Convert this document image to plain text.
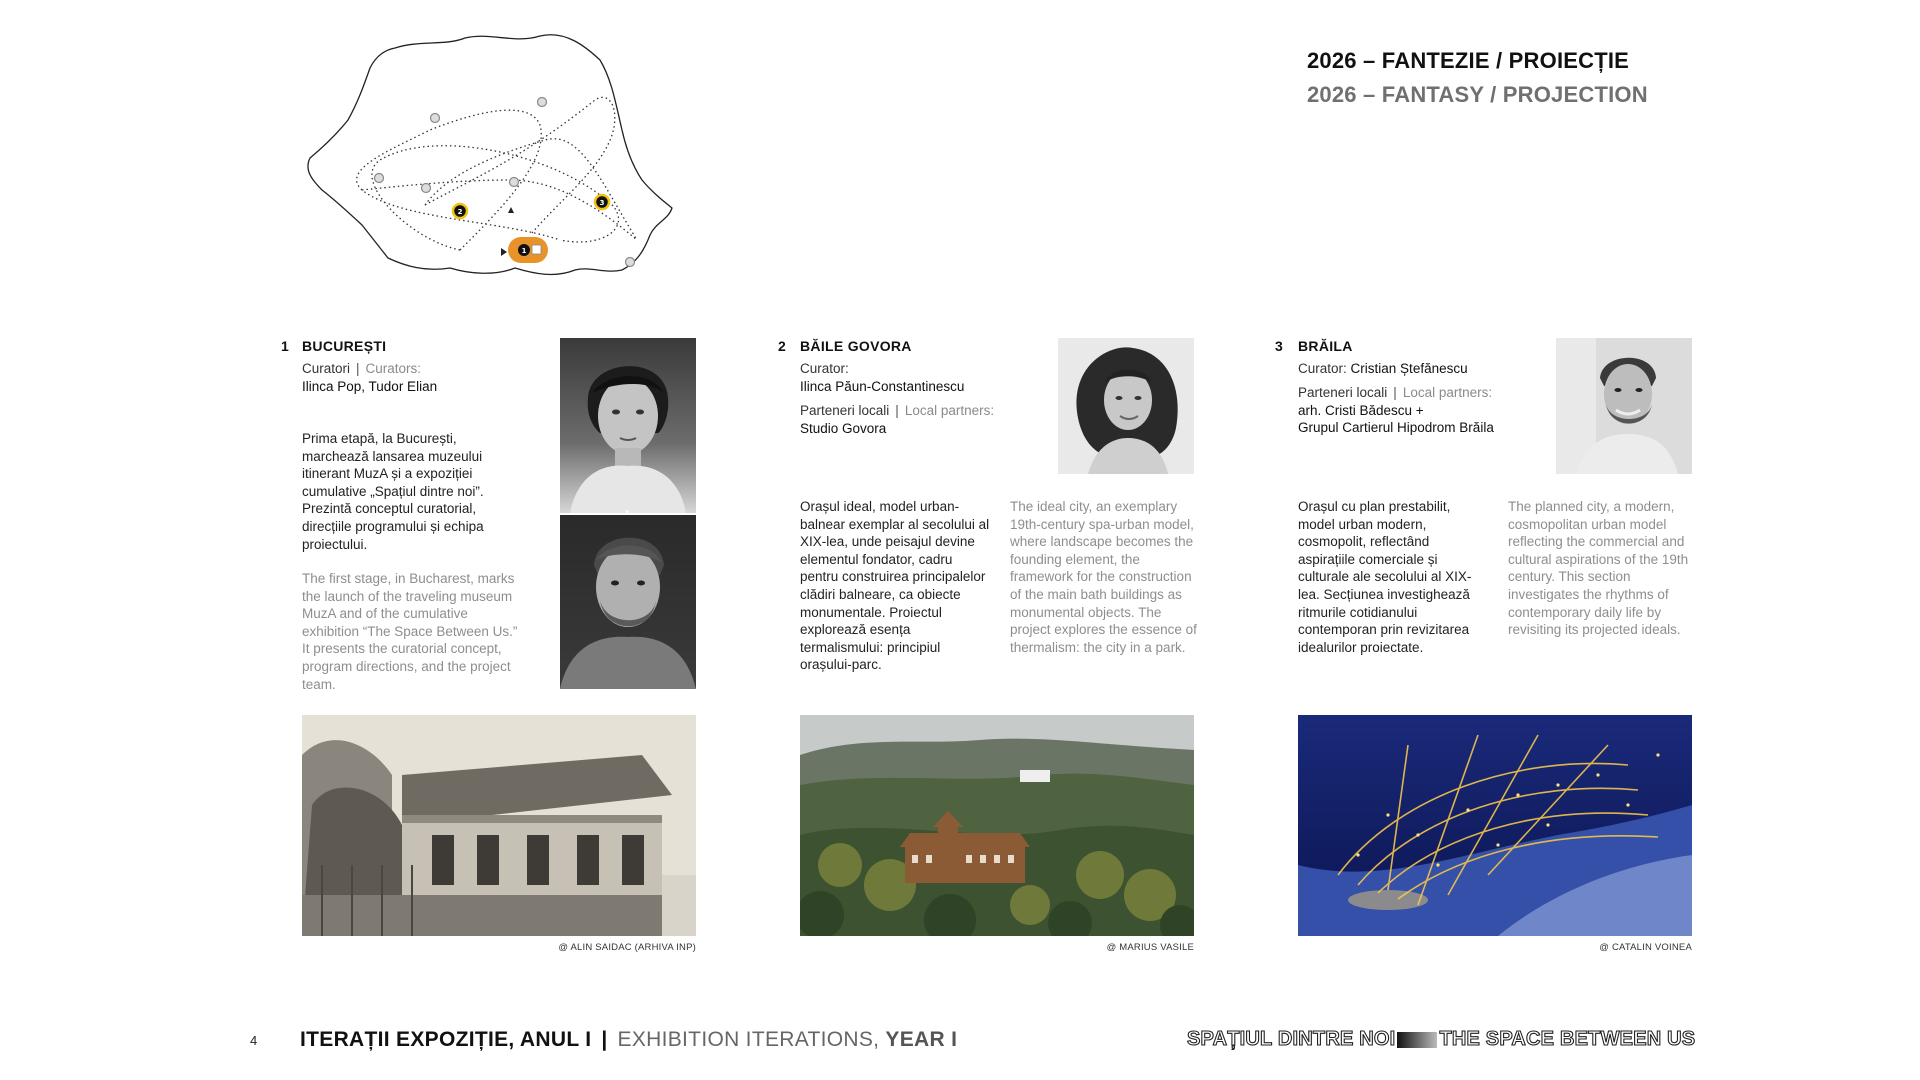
1
2
3
2026 – FANTEZIE / PROIECȚIE
2026 – FANTASY / PROJECTION
1 BUCUREȘTI
Curatori | Curators:
Ilinca Pop, Tudor Elian
Prima etapă, la București, marchează lansarea muzeului itinerant MuzA și a expoziției cumulative „Spațiul dintre noi”. Prezintă conceptul curatorial, direcțiile programului și echipa proiectului.
The first stage, in Bucharest, marks the launch of the traveling museum MuzA and of the cumulative exhibition “The Space Between Us.” It presents the curatorial concept, program directions, and the project team.
@ ALIN SAIDAC (ARHIVA INP)
2 BĂILE GOVORA
Curator:
Ilinca Păun-Constantinescu
Parteneri locali | Local partners:
Studio Govora
Orașul ideal, model urban-balnear exemplar al secolului al XIX-lea, unde peisajul devine elementul fondator, cadru pentru construirea principalelor clădiri balneare, ca obiecte monumentale. Proiectul explorează esența termalismului: principiul orașului-parc.
The ideal city, an exemplary 19th-century spa-urban model, where landscape becomes the founding element, the framework for the construction of the main bath buildings as monumental objects. The project explores the essence of thermalism: the city in a park.
@ MARIUS VASILE
3 BRĂILA
Curator: Cristian Ștefănescu
Parteneri locali | Local partners:
arh. Cristi Bădescu +
Grupul Cartierul Hipodrom Brăila
Orașul cu plan prestabilit, model urban modern, cosmopolit, reflectând aspirațiile comerciale și culturale ale secolului al XIX-lea. Secțiunea investighează ritmurile cotidianului contemporan prin revizitarea idealurilor proiectate.
The planned city, a modern, cosmopolitan urban model reflecting the commercial and cultural aspirations of the 19th century. This section investigates the rhythms of contemporary daily life by revisiting its projected ideals.
@ CATALIN VOINEA
4 ITERAȚII EXPOZIȚIE, ANUL I | EXHIBITION ITERATIONS, YEAR I	SPAȚIUL DINTRE NOI THE SPACE BETWEEN US
